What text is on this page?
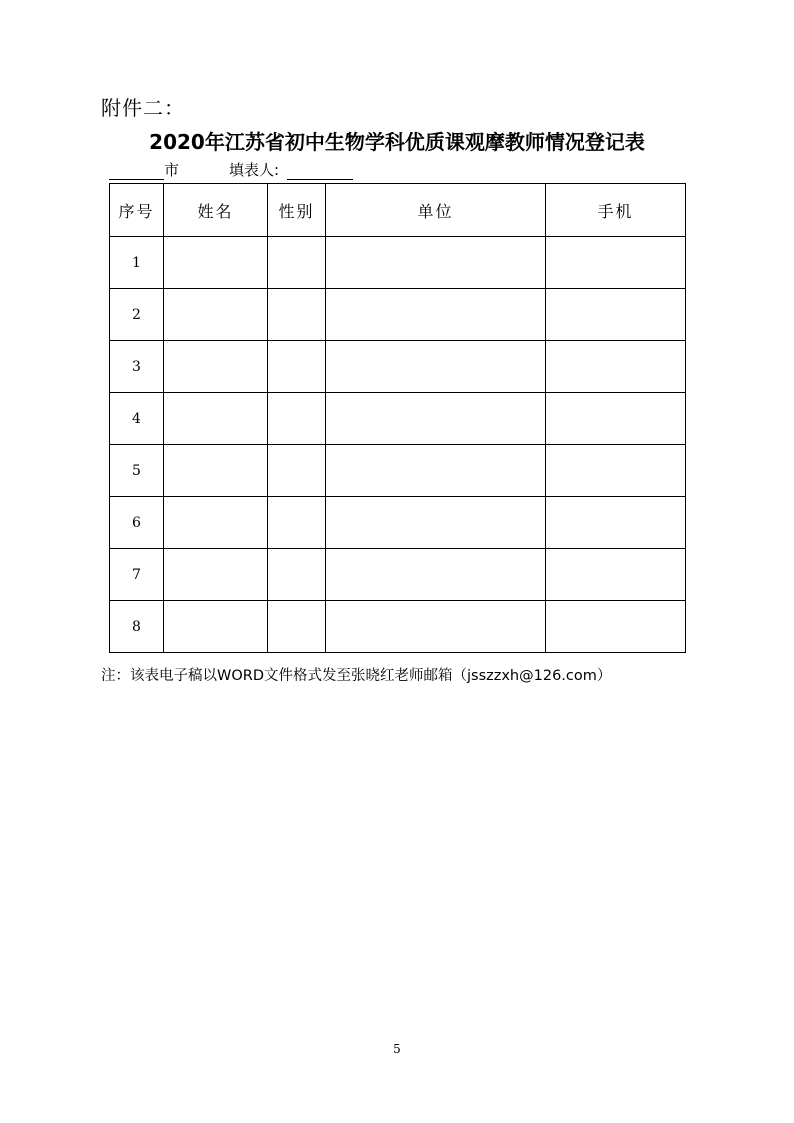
附件二：
2020年江苏省初中生物学科优质课观摩教师情况登记表
市	填表人:
序号	姓名	性别	单位	手机
1				
2				
3				
4				
5				
6				
7				
8				
注：该表电子稿以WORD文件格式发至张晓红老师邮箱（jsszzxh@126.com）
5
